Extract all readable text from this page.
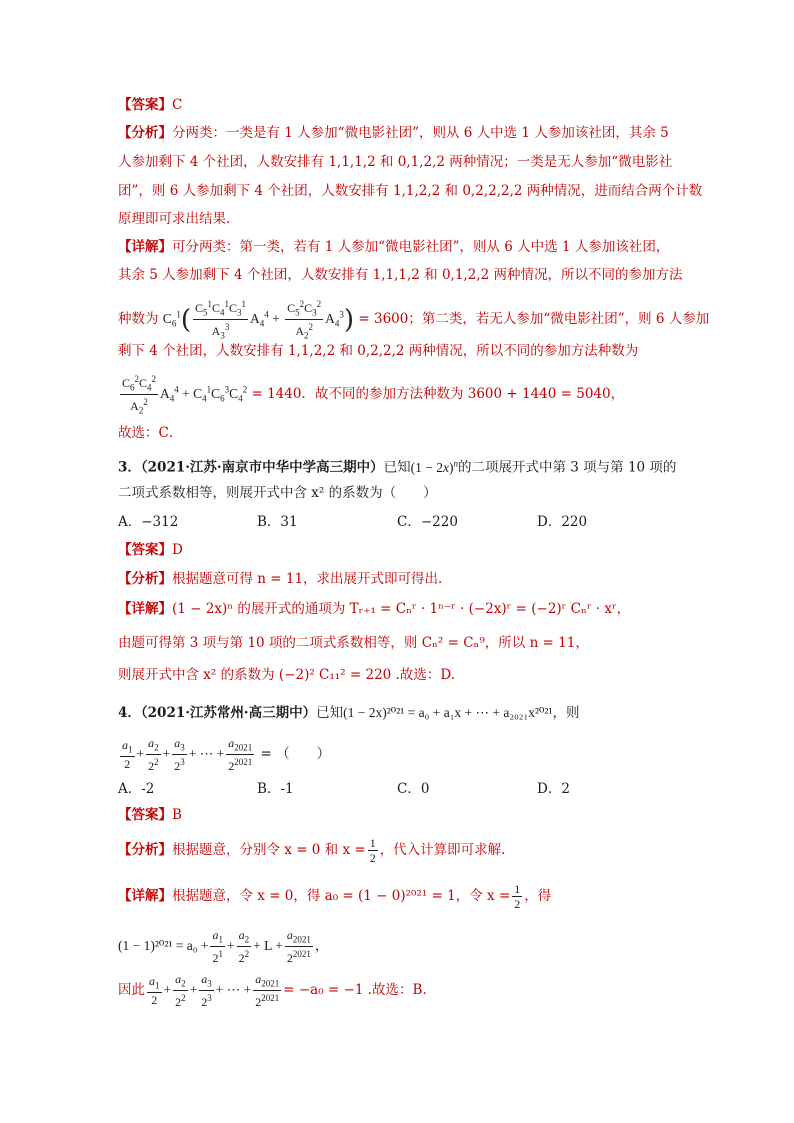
【答案】C
【分析】分两类：一类是有 1 人参加“微电影社团”，则从 6 人中选 1 人参加该社团，其余 5
人参加剩下 4 个社团，人数安排有 1,1,1,2 和 0,1,2,2 两种情况；一类是无人参加“微电影社
团”，则 6 人参加剩下 4 个社团，人数安排有 1,1,2,2 和 0,2,2,2,2 两种情况，进而结合两个计数
原理即可求出结果.
【详解】可分两类：第一类，若有 1 人参加“微电影社团”，则从 6 人中选 1 人参加该社团，
其余 5 人参加剩下 4 个社团，人数安排有 1,1,1,2 和 0,1,2,2 两种情况，所以不同的参加方法
种数为 $C_6^1( \frac{C_5^1C_4^1C_3^1}{A_3^3} A_4^4 + \frac{C_5^2C_3^2}{A_2^2} A_4^3) = 3600$；第二类，若无人参加“微电影社团”，则 6 人参加
剩下 4 个社团，人数安排有 1,1,2,2 和 0,2,2,2 两种情况，所以不同的参加方法种数为
$\frac{C_6^2C_4^2}{A_2^2} A_4^4 + C_4^1C_6^3C_4^2 = 1440$．故不同的参加方法种数为 3600 + 1440 = 5040，
故选：C．
3．（2021·江苏·南京市中华中学高三期中）已知$(1 - 2x)^n$的二项展开式中第 3 项与第 10 项的
二项式系数相等，则展开式中含 x² 的系数为（　　）
A．−312	B．31	C．−220	D．220
【答案】D
【分析】根据题意可得 n = 11，求出展开式即可得出.
【详解】(1 − 2x)ⁿ 的展开式的通项为 Tᵣ₊₁ = Cₙʳ · 1ⁿ⁻ʳ · (−2x)ʳ = (−2)ʳ Cₙʳ · xʳ，
由题可得第 3 项与第 10 项的二项式系数相等，则 Cₙ² = Cₙ⁹，所以 n = 11，
则展开式中含 x² 的系数为 (−2)² C₁₁² = 220 .故选：D.
4．（2021·江苏常州·高三期中）已知(1 − 2x)²⁰²¹ = a₀ + a₁x + ⋯ + a₂₀₂₁x²⁰²¹，则
$\frac{a_1}{2} + \frac{a_2}{2^2} + \frac{a_3}{2^3}$ + ⋯ + $\frac{a_{2021}}{2^{2021}}$ = （　　）
A．-2	B．-1	C．0	D．2
【答案】B
【分析】根据题意，分别令 x = 0 和 $x = \frac{1}{2}$ ，代入计算即可求解.
【详解】根据题意，令 x = 0，得 a₀ = (1 − 0)²⁰²¹ = 1，令 $x = \frac{1}{2}$ ，得
$(1 - 1)^{2021} = a_0 + \frac{a_1}{2^1} + \frac{a_2}{2^2} + L + \frac{a_{2021}}{2^{2021}}$ ，
因此 $\frac{a_1}{2} + \frac{a_2}{2^2} + \frac{a_3}{2^3}$ + ⋯ + $\frac{a_{2021}}{2^{2021}} = -a_0 = -1$ .故选：B.
